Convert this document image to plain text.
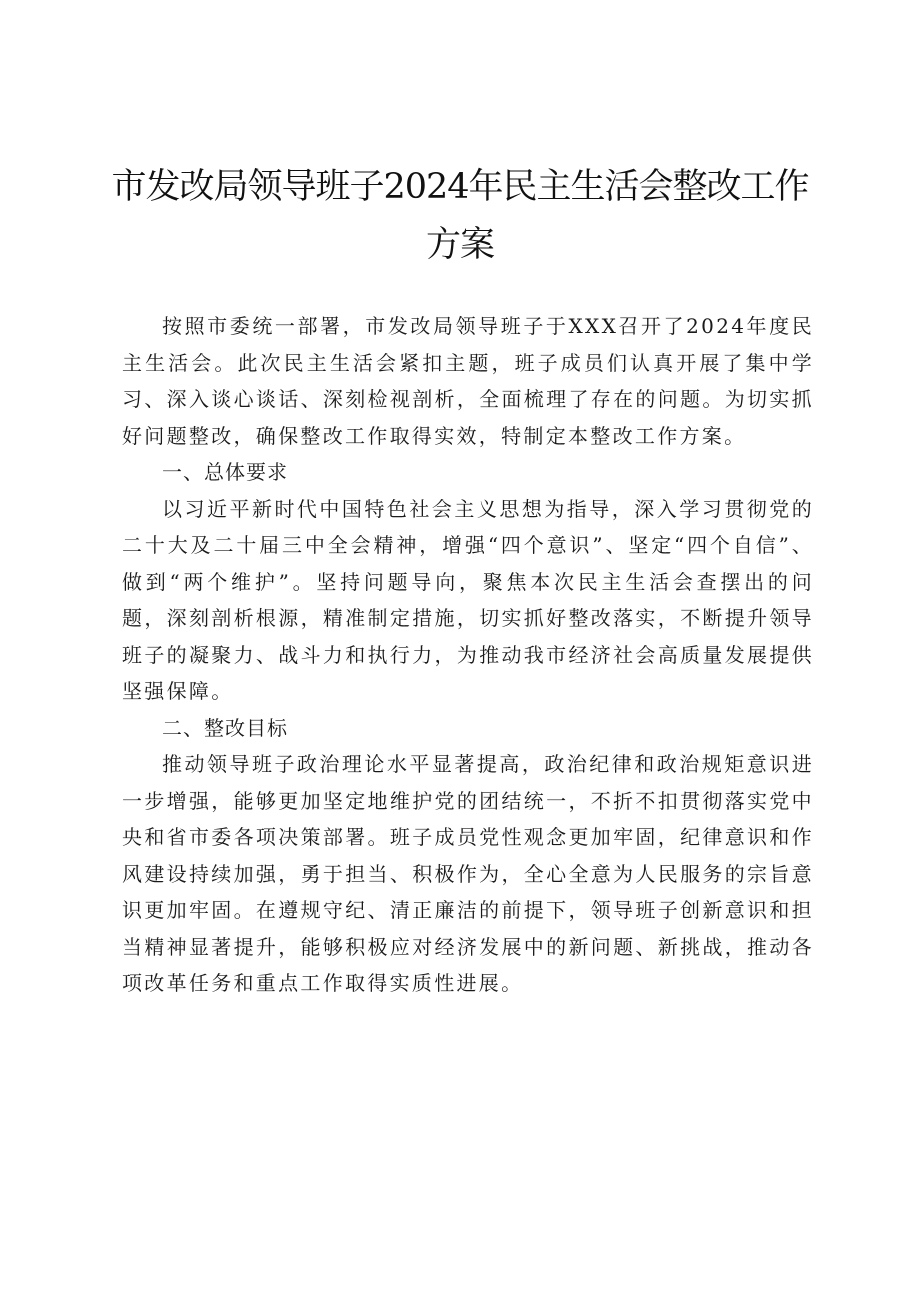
市发改局领导班子2024年民主生活会整改工作方案

按照市委统一部署，市发改局领导班子于XXX召开了2024年度民主生活会。此次民主生活会紧扣主题，班子成员们认真开展了集中学习、深入谈心谈话、深刻检视剖析，全面梳理了存在的问题。为切实抓好问题整改，确保整改工作取得实效，特制定本整改工作方案。

一、总体要求

以习近平新时代中国特色社会主义思想为指导，深入学习贯彻党的二十大及二十届三中全会精神，增强“四个意识”、坚定“四个自信”、做到“两个维护”。坚持问题导向，聚焦本次民主生活会查摆出的问题，深刻剖析根源，精准制定措施，切实抓好整改落实，不断提升领导班子的凝聚力、战斗力和执行力，为推动我市经济社会高质量发展提供坚强保障。

二、整改目标

推动领导班子政治理论水平显著提高，政治纪律和政治规矩意识进一步增强，能够更加坚定地维护党的团结统一，不折不扣贯彻落实党中央和省市委各项决策部署。班子成员党性观念更加牢固，纪律意识和作风建设持续加强，勇于担当、积极作为，全心全意为人民服务的宗旨意识更加牢固。在遵规守纪、清正廉洁的前提下，领导班子创新意识和担当精神显著提升，能够积极应对经济发展中的新问题、新挑战，推动各项改革任务和重点工作取得实质性进展。
